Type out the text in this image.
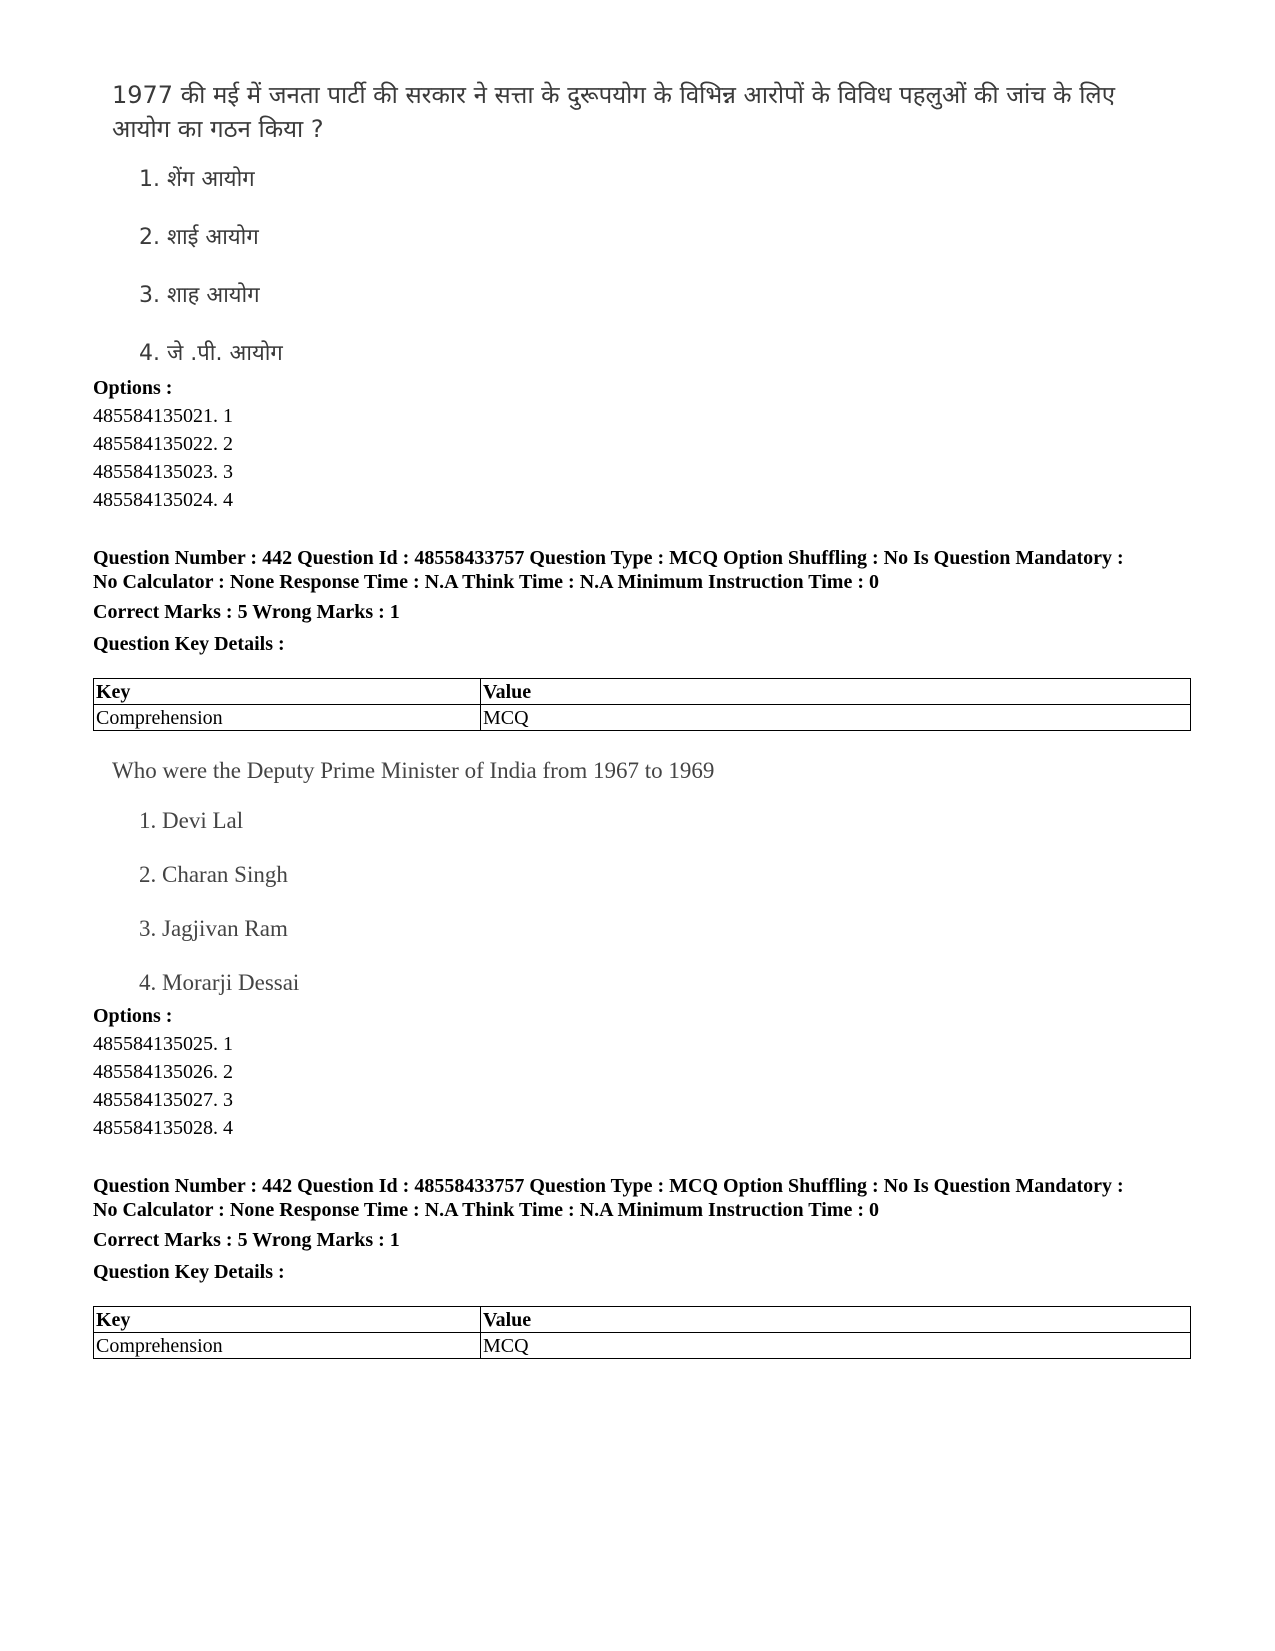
1977 की मई में जनता पार्टी की सरकार ने सत्ता के दुरूपयोग के विभिन्न आरोपों के विविध पहलुओं की जांच के लिए आयोग का गठन किया ?
1. शेंग आयोग
2. शाई आयोग
3. शाह आयोग
4. जे .पी. आयोग
Options :
485584135021. 1
485584135022. 2
485584135023. 3
485584135024. 4
Question Number : 442 Question Id : 48558433757 Question Type : MCQ Option Shuffling : No Is Question Mandatory :
No Calculator : None Response Time : N.A Think Time : N.A Minimum Instruction Time : 0
Correct Marks : 5 Wrong Marks : 1
Question Key Details :
Key	Value
Comprehension	MCQ
Who were the Deputy Prime Minister of India from 1967 to 1969
1. Devi Lal
2. Charan Singh
3. Jagjivan Ram
4. Morarji Dessai
Options :
485584135025. 1
485584135026. 2
485584135027. 3
485584135028. 4
Question Number : 442 Question Id : 48558433757 Question Type : MCQ Option Shuffling : No Is Question Mandatory :
No Calculator : None Response Time : N.A Think Time : N.A Minimum Instruction Time : 0
Correct Marks : 5 Wrong Marks : 1
Question Key Details :
Key	Value
Comprehension	MCQ
